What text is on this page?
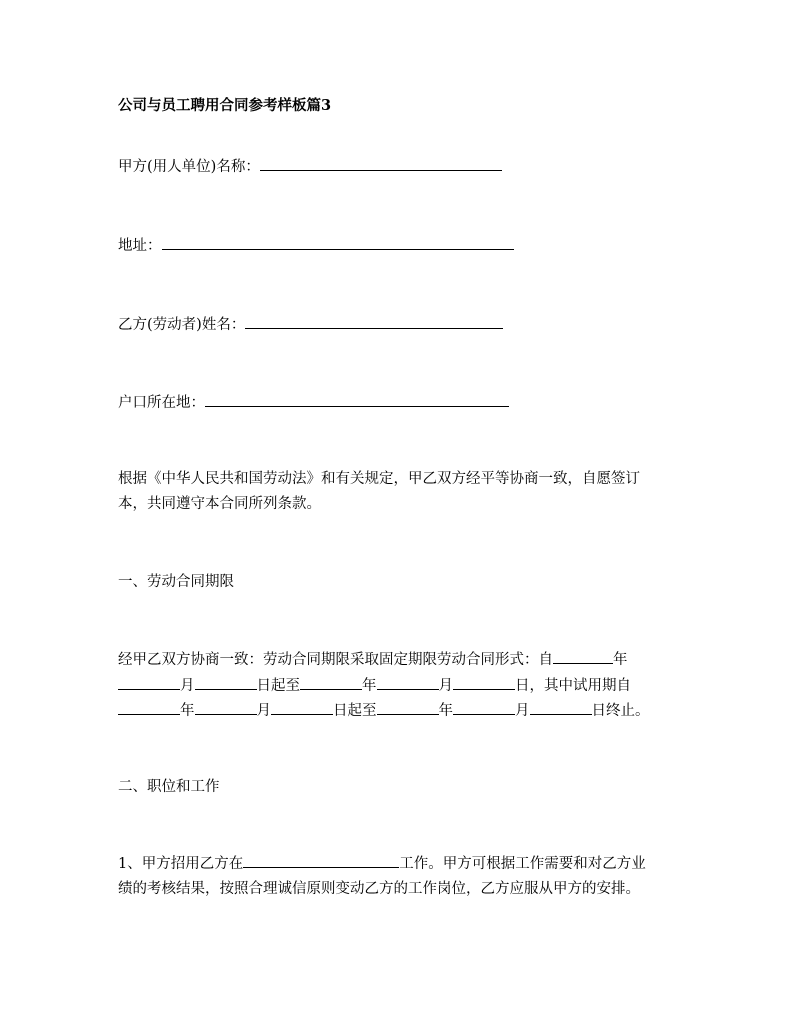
公司与员工聘用合同参考样板篇3
甲方(用人单位)名称：
地址：
乙方(劳动者)姓名：
户口所在地：
根据《中华人民共和国劳动法》和有关规定，甲乙双方经平等协商一致，自愿签订
本，共同遵守本合同所列条款。
一、劳动合同期限
经甲乙双方协商一致：劳动合同期限采取固定期限劳动合同形式：自	年
月	日起至	年	月	日，其中试用期自
年	月	日起至	年	月	日终止。
二、职位和工作
1、甲方招用乙方在	工作。甲方可根据工作需要和对乙方业
绩的考核结果，按照合理诚信原则变动乙方的工作岗位，乙方应服从甲方的安排。
